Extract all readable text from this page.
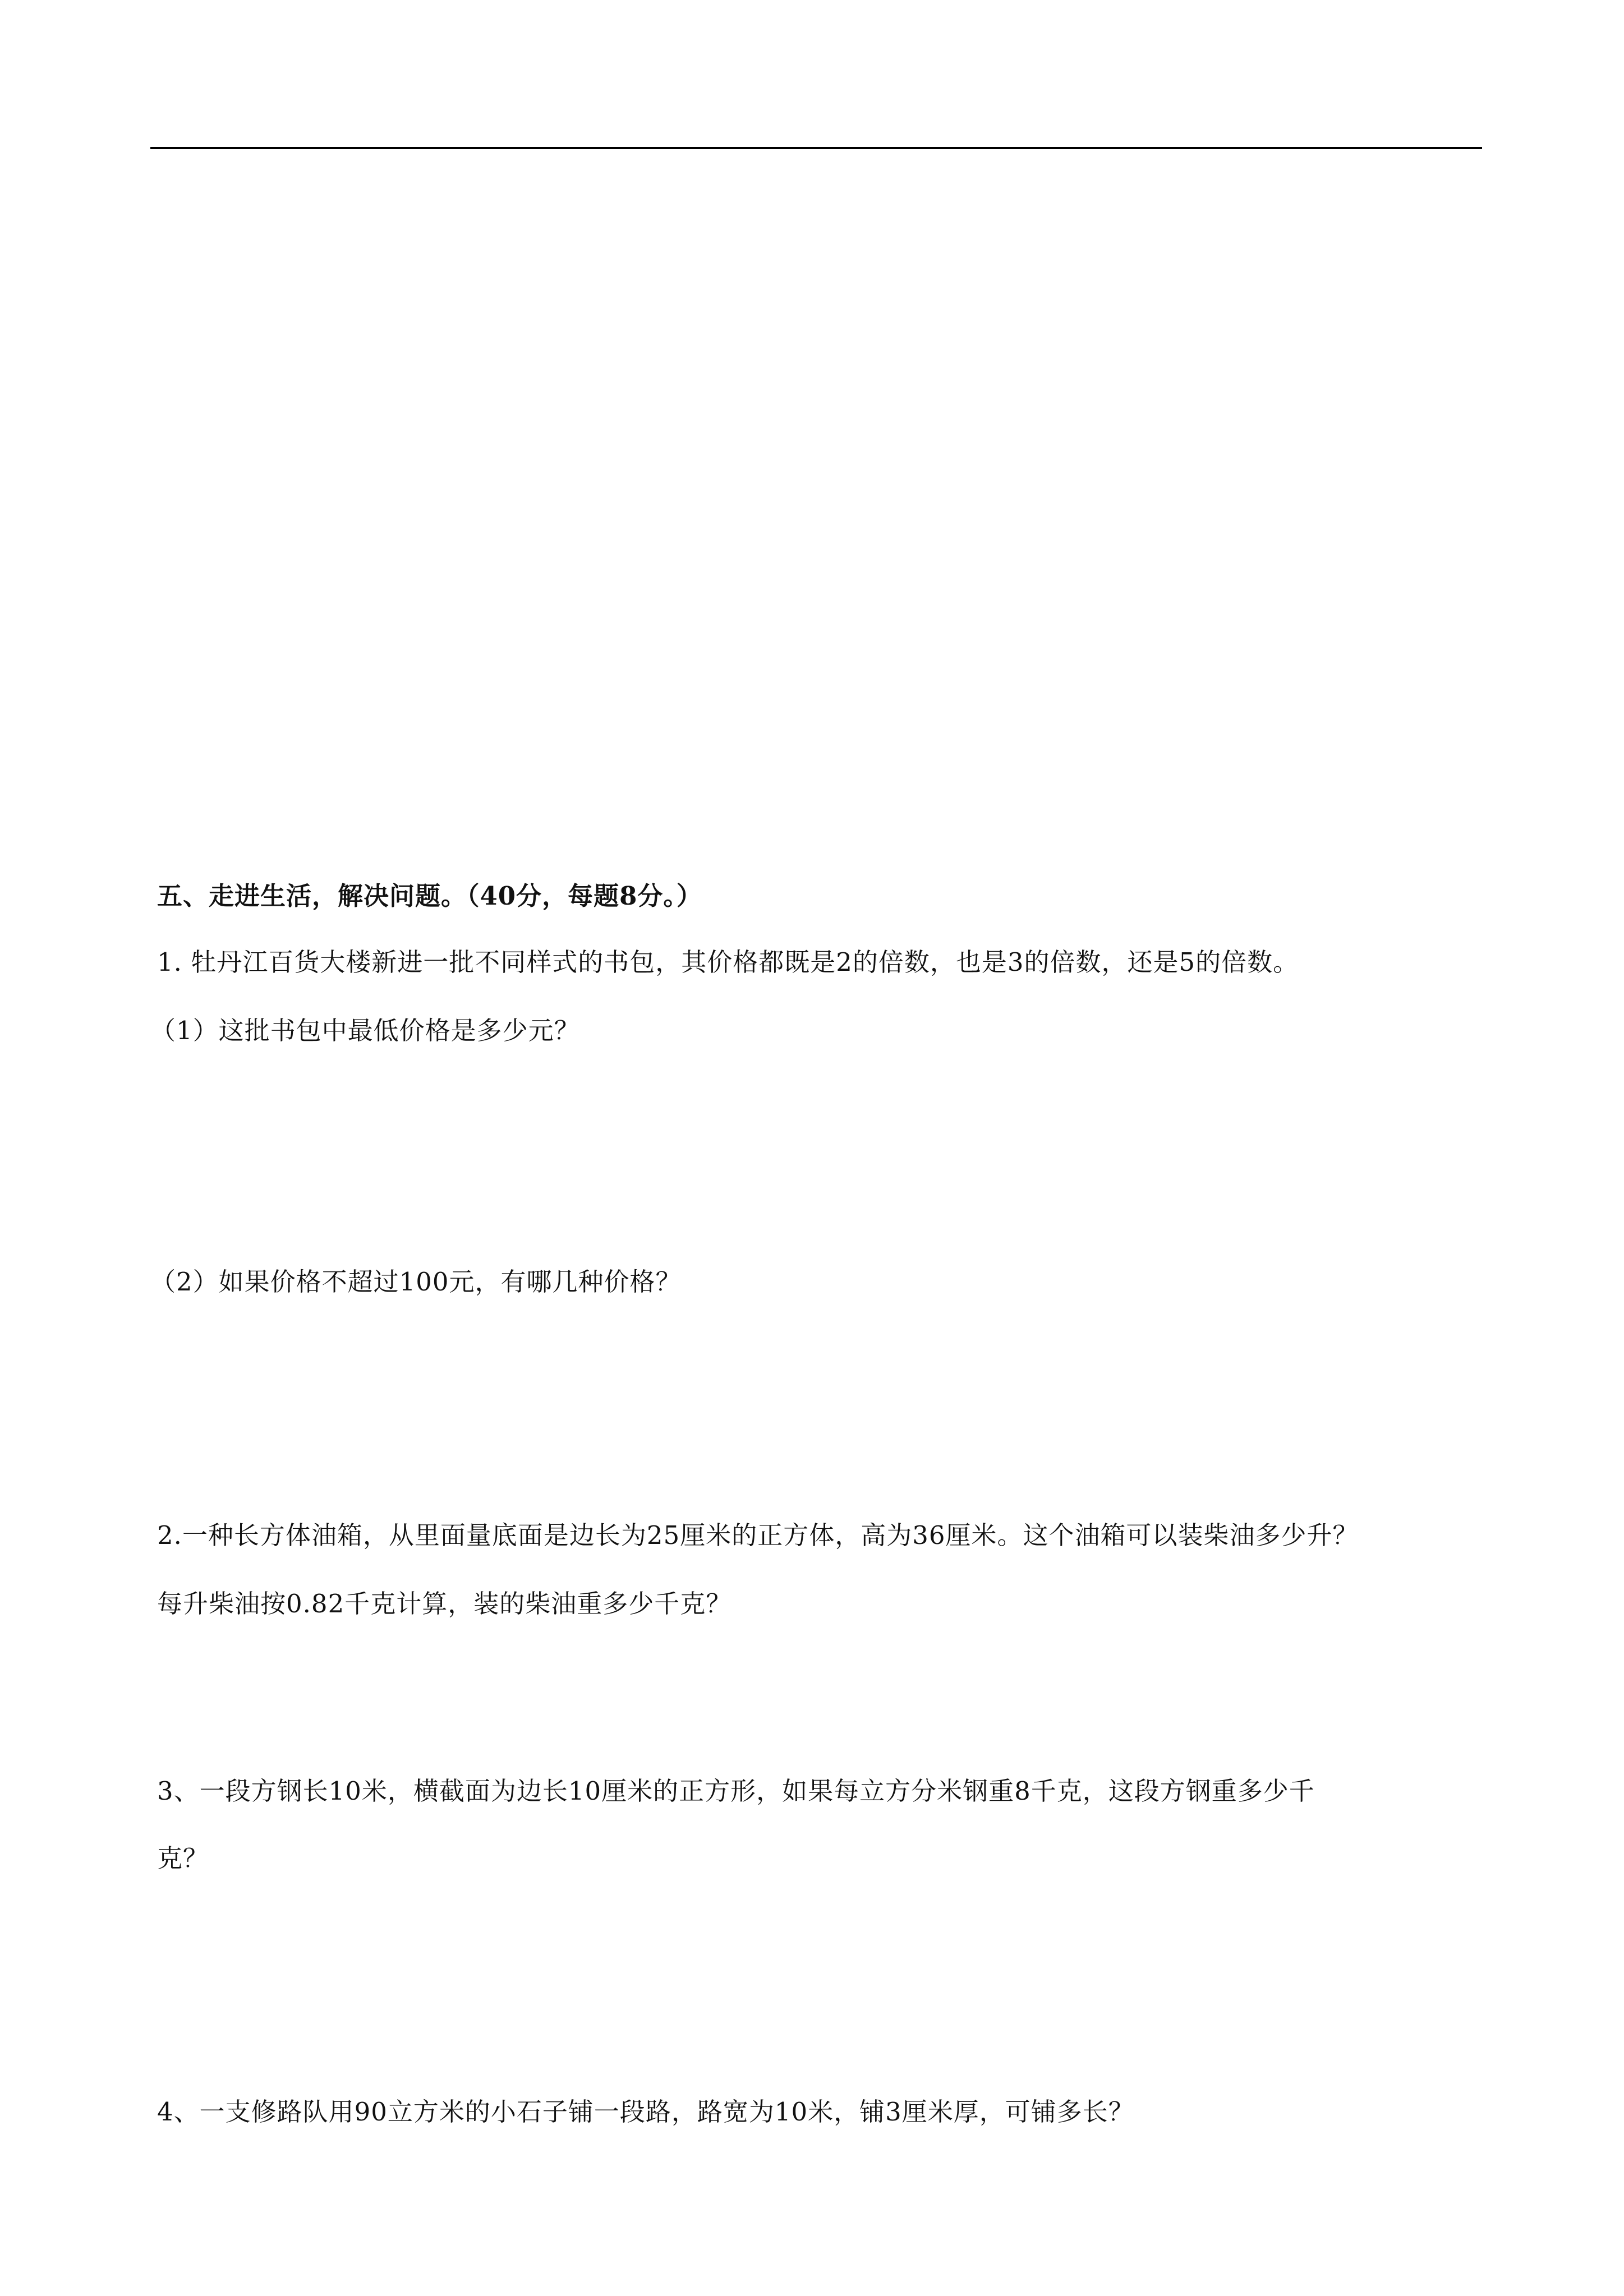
五、走进生活，解决问题。（40分，每题8分。）
1. 牡丹江百货大楼新进一批不同样式的书包，其价格都既是2的倍数，也是3的倍数，还是5的倍数。
（1）这批书包中最低价格是多少元？
（2）如果价格不超过100元，有哪几种价格？
2.一种长方体油箱，从里面量底面是边长为25厘米的正方体，高为36厘米。这个油箱可以装柴油多少升？
每升柴油按0.82千克计算，装的柴油重多少千克？
3、一段方钢长10米，横截面为边长10厘米的正方形，如果每立方分米钢重8千克，这段方钢重多少千
克？
4、一支修路队用90立方米的小石子铺一段路，路宽为10米，铺3厘米厚，可铺多长？
